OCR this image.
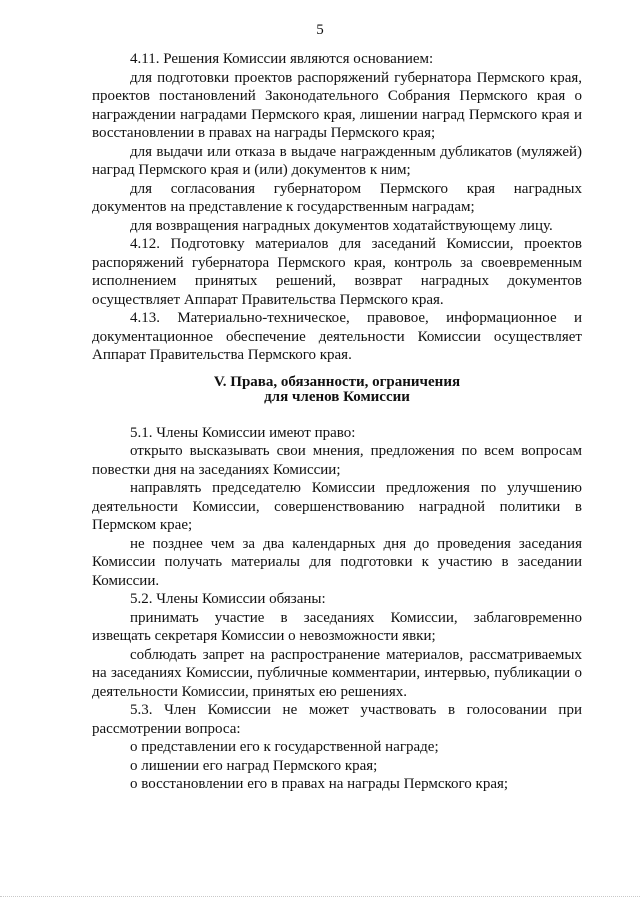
5

4.11. Решения Комиссии являются основанием:

для подготовки проектов распоряжений губернатора Пермского края, проектов постановлений Законодательного Собрания Пермского края о награждении наградами Пермского края, лишении наград Пермского края и восстановлении в правах на награды Пермского края;

для выдачи или отказа в выдаче награжденным дубликатов (муляжей) наград Пермского края и (или) документов к ним;

для согласования губернатором Пермского края наградных документов на представление к государственным наградам;

для возвращения наградных документов ходатайствующему лицу.

4.12. Подготовку материалов для заседаний Комиссии, проектов распоряжений губернатора Пермского края, контроль за своевременным исполнением принятых решений, возврат наградных документов осуществляет Аппарат Правительства Пермского края.

4.13. Материально-техническое, правовое, информационное и документационное обеспечение деятельности Комиссии осуществляет Аппарат Правительства Пермского края.

V. Права, обязанности, ограничения

для членов Комиссии

5.1. Члены Комиссии имеют право:

открыто высказывать свои мнения, предложения по всем вопросам повестки дня на заседаниях Комиссии;

направлять председателю Комиссии предложения по улучшению деятельности Комиссии, совершенствованию наградной политики в Пермском крае;

не позднее чем за два календарных дня до проведения заседания Комиссии получать материалы для подготовки к участию в заседании Комиссии.

5.2. Члены Комиссии обязаны:

принимать участие в заседаниях Комиссии, заблаговременно извещать секретаря Комиссии о невозможности явки;

соблюдать запрет на распространение материалов, рассматриваемых на заседаниях Комиссии, публичные комментарии, интервью, публикации о деятельности Комиссии, принятых ею решениях.

5.3. Член Комиссии не может участвовать в голосовании при рассмотрении вопроса:

о представлении его к государственной награде;

о лишении его наград Пермского края;

о восстановлении его в правах на награды Пермского края;
